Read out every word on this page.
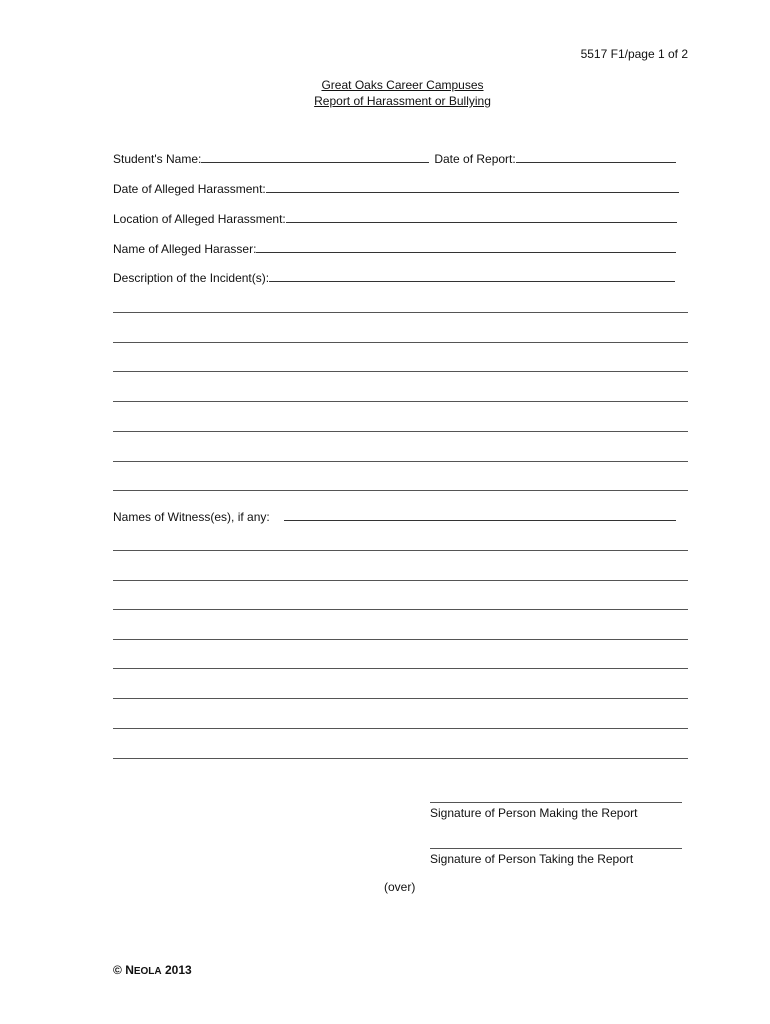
5517 F1/page 1 of 2
Great Oaks Career Campuses
Report of Harassment or Bullying
Student's Name:	Date of Report:
Date of Alleged Harassment:
Location of Alleged Harassment:
Name of Alleged Harasser:
Description of the Incident(s):
Names of Witness(es), if any:
Signature of Person Making the Report
Signature of Person Taking the Report
(over)
© NEOLA 2013
